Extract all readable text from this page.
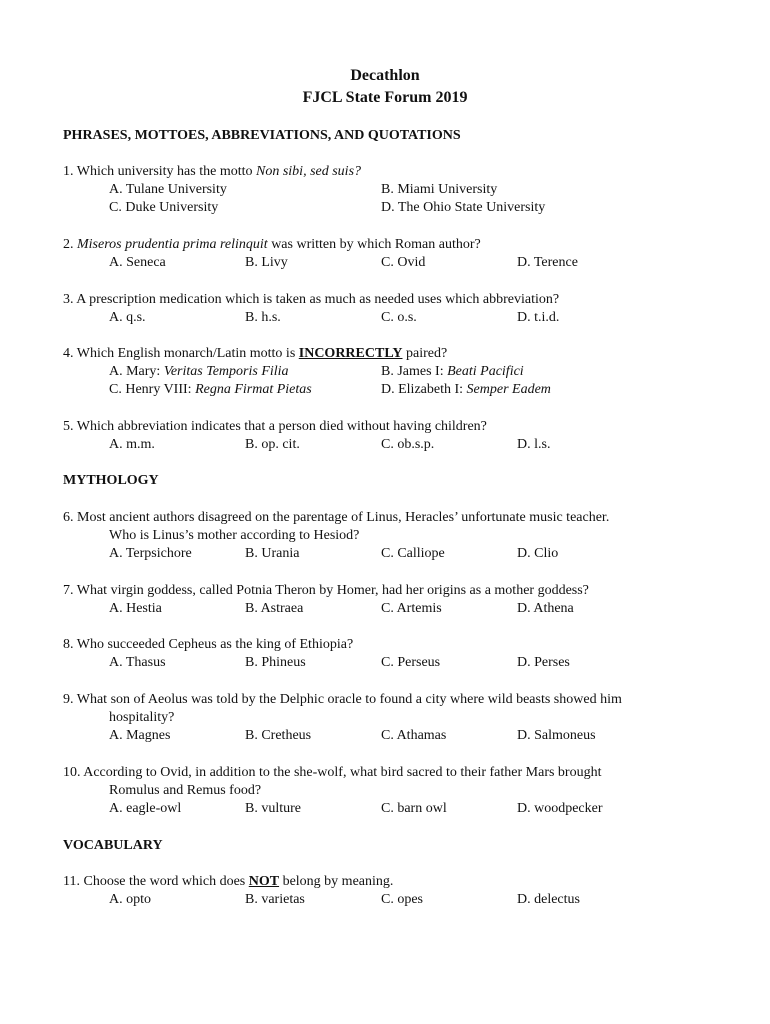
Decathlon
FJCL State Forum 2019
PHRASES, MOTTOES, ABBREVIATIONS, AND QUOTATIONS
1. Which university has the motto Non sibi, sed suis?
A. Tulane University	B. Miami University
C. Duke University	D. The Ohio State University
2. Miseros prudentia prima relinquit was written by which Roman author?
A. Seneca	B. Livy	C. Ovid	D. Terence
3. A prescription medication which is taken as much as needed uses which abbreviation?
A. q.s.	B. h.s.	C. o.s.	D. t.i.d.
4. Which English monarch/Latin motto is INCORRECTLY paired?
A. Mary: Veritas Temporis Filia	B. James I: Beati Pacifici
C. Henry VIII: Regna Firmat Pietas	D. Elizabeth I: Semper Eadem
5. Which abbreviation indicates that a person died without having children?
A. m.m.	B. op. cit.	C. ob.s.p.	D. l.s.
MYTHOLOGY
6. Most ancient authors disagreed on the parentage of Linus, Heracles’ unfortunate music teacher.
Who is Linus’s mother according to Hesiod?
A. Terpsichore	B. Urania	C. Calliope	D. Clio
7. What virgin goddess, called Potnia Theron by Homer, had her origins as a mother goddess?
A. Hestia	B. Astraea	C. Artemis	D. Athena
8. Who succeeded Cepheus as the king of Ethiopia?
A. Thasus	B. Phineus	C. Perseus	D. Perses
9. What son of Aeolus was told by the Delphic oracle to found a city where wild beasts showed him
hospitality?
A. Magnes	B. Cretheus	C. Athamas	D. Salmoneus
10. According to Ovid, in addition to the she-wolf, what bird sacred to their father Mars brought
Romulus and Remus food?
A. eagle-owl	B. vulture	C. barn owl	D. woodpecker
VOCABULARY
11. Choose the word which does NOT belong by meaning.
A. opto	B. varietas	C. opes	D. delectus
